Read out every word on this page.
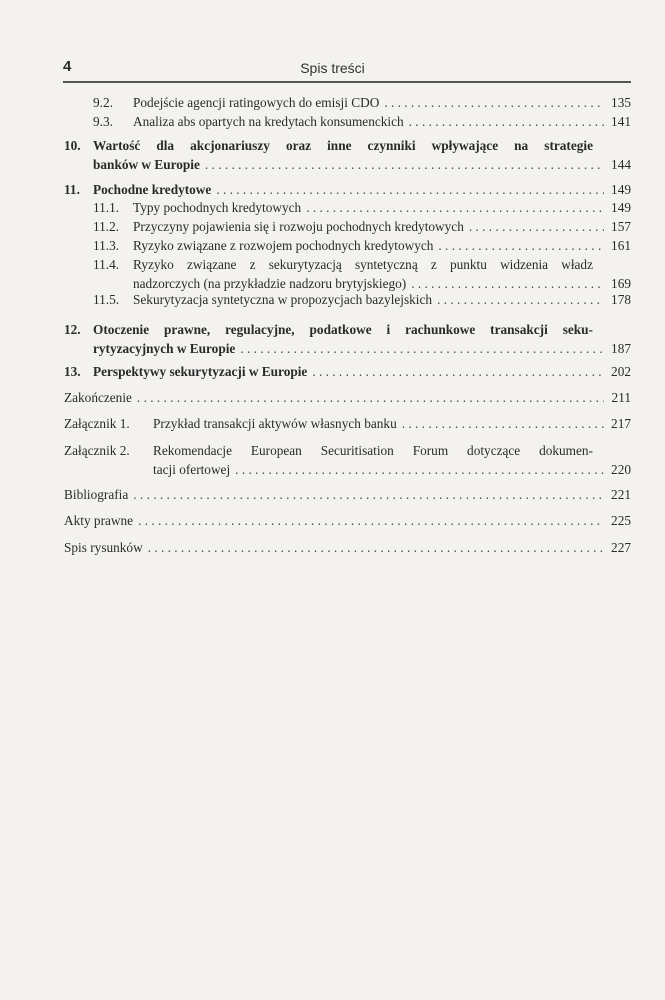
4	Spis treści
9.2. Podejście agencji ratingowych do emisji CDO . . .	135
9.3. Analiza abs opartych na kredytach konsumenckich . . .	141
10. Wartość dla akcjonariuszy oraz inne czynniki wpływające na strategie
banków w Europie . . .	144
11. Pochodne kredytowe . . .	149
11.1. Typy pochodnych kredytowych . . .	149
11.2. Przyczyny pojawienia się i rozwoju pochodnych kredytowych . . .	157
11.3. Ryzyko związane z rozwojem pochodnych kredytowych . . .	161
11.4. Ryzyko związane z sekurytyzacją syntetyczną z punktu widzenia władz
nadzorczych (na przykładzie nadzoru brytyjskiego) . . .	169
11.5. Sekurytyzacja syntetyczna w propozycjach bazylejskich . . .	178
12. Otoczenie prawne, regulacyjne, podatkowe i rachunkowe transakcji seku-
rytyzacyjnych w Europie . . .	187
13. Perspektywy sekurytyzacji w Europie . . .	202
Zakończenie . . .	211
Załącznik 1. Przykład transakcji aktywów własnych banku . . .	217
Załącznik 2. Rekomendacje European Securitisation Forum dotyczące dokumen-
tacji ofertowej . . .	220
Bibliografia . . .	221
Akty prawne . . .	225
Spis rysunków . . .	227
